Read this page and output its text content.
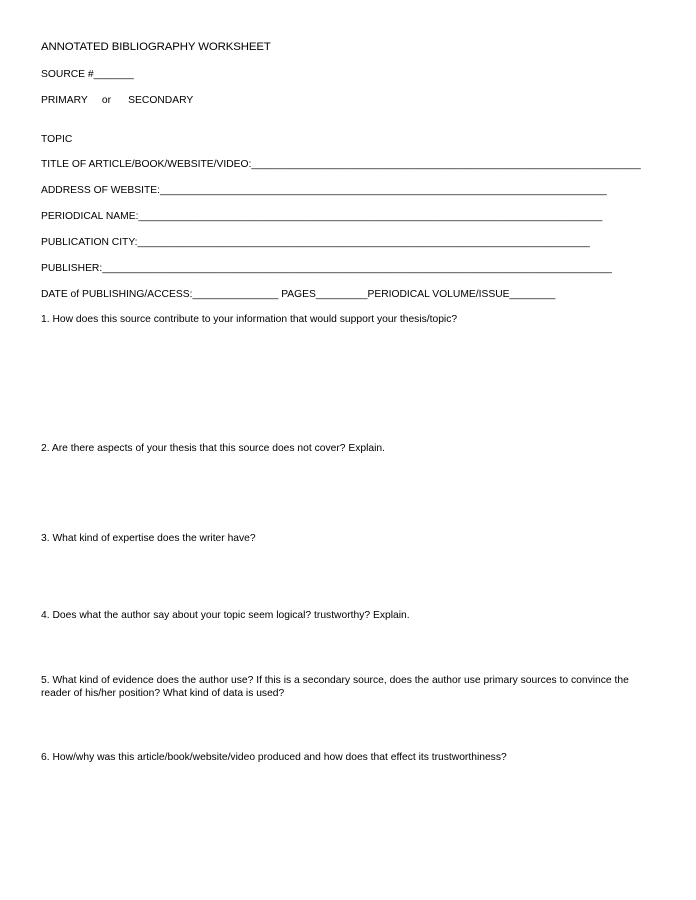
ANNOTATED BIBLIOGRAPHY WORKSHEET
SOURCE #_______
PRIMARY     or      SECONDARY
TOPIC
TITLE OF ARTICLE/BOOK/WEBSITE/VIDEO:____________________________________________________________________
ADDRESS OF WEBSITE:______________________________________________________________________________
PERIODICAL NAME:_________________________________________________________________________________
PUBLICATION CITY:_______________________________________________________________________________
PUBLISHER:_________________________________________________________________________________________
DATE of PUBLISHING/ACCESS:_______________ PAGES_________PERIODICAL VOLUME/ISSUE________
1. How does this source contribute to your information that would support your thesis/topic?
2. Are there aspects of your thesis that this source does not cover? Explain.
3. What kind of expertise does the writer have?
4. Does what the author say about your topic seem logical? trustworthy? Explain.
5. What kind of evidence does the author use? If this is a secondary source, does the author use primary sources to convince the reader of his/her position? What kind of data is used?
6. How/why was this article/book/website/video produced and how does that effect its trustworthiness?
